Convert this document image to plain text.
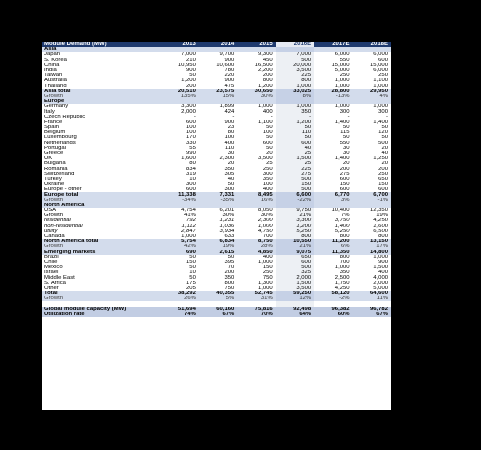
Module Demand (MW)	2013	2014	2015	2016E	2017E	2018E
Asia						
Japan	7,000	9,700	9,300	7,000	6,000	6,000
S. Korea	210	900	450	500	550	600
China	10,950	10,600	16,500	20,000	15,000	15,000
India	900	780	2,200	3,500	5,000	6,000
Taiwan	50	220	200	225	250	250
Australia	1,200	900	800	800	1,000	1,100
Thailand	200	475	1,200	1,000	1,000	1,000
Asia total	20,510	23,575	30,650	33,025	28,800	29,950
Growth	135%	15%	30%	8%	-13%	4%
Europe						
Germany	3,300	1,899	1,000	1,000	1,000	1,000
Italy	2,000	424	400	350	300	300
Czech Republic	-	-	-	-	-	-
France	600	900	1,100	1,200	1,400	1,400
Spain	100	23	50	50	50	50
Belgium	100	80	100	110	115	120
Luxembourg	170	100	50	50	50	50
Netherlands	330	400	600	600	550	500
Portugal	55	110	50	40	30	20
Greece	990	30	20	25	30	40
UK	1,600	2,300	3,500	1,500	1,400	1,250
Bulgaria	80	20	25	25	20	20
Romania	834	350	250	225	200	200
Switzerland	319	305	300	275	275	250
Turkey	10	40	350	500	600	650
Ukraine	300	50	100	150	150	150
Europe - other	600	300	400	500	600	600
Europe total	11,338	7,331	8,495	6,600	6,770	6,700
Growth	-34%	-35%	16%	-22%	3%	-1%
North America						
USA	4,754	6,201	8,050	9,750	10,400	12,350
Growth	41%	30%	30%	21%	7%	19%
residential	792	1,231	2,300	3,300	3,750	4,250
non-residential	1,112	1,036	1,000	1,200	1,400	1,600
utility	2,847	3,934	4,750	5,250	5,250	6,500
Canada	1,000	633	700	800	800	800
North America total	5,754	6,834	8,750	10,550	11,200	13,150
Growth	42%	19%	28%	21%	6%	17%
Emerging markets	690	2,615	4,850	9,075	11,350	14,800
Brazil	50	50	400	650	800	1,000
Chile	150	395	1,000	600	700	900
Mexico	50	70	150	500	1,000	1,500
Israel	10	200	250	325	350	400
Middle East	50	350	750	2,000	2,500	4,000
S. Africa	175	800	1,300	1,500	1,750	2,000
Other	205	750	1,000	3,500	4,250	5,000
Total	38,292	40,355	52,745	59,250	58,120	64,600
Growth	26%	5%	31%	12%	-2%	11%

Global module capacity (MW)	51,694	60,160	75,816	92,498	96,382	96,782
Utilization rate	74%	67%	70%	64%	60%	67%
